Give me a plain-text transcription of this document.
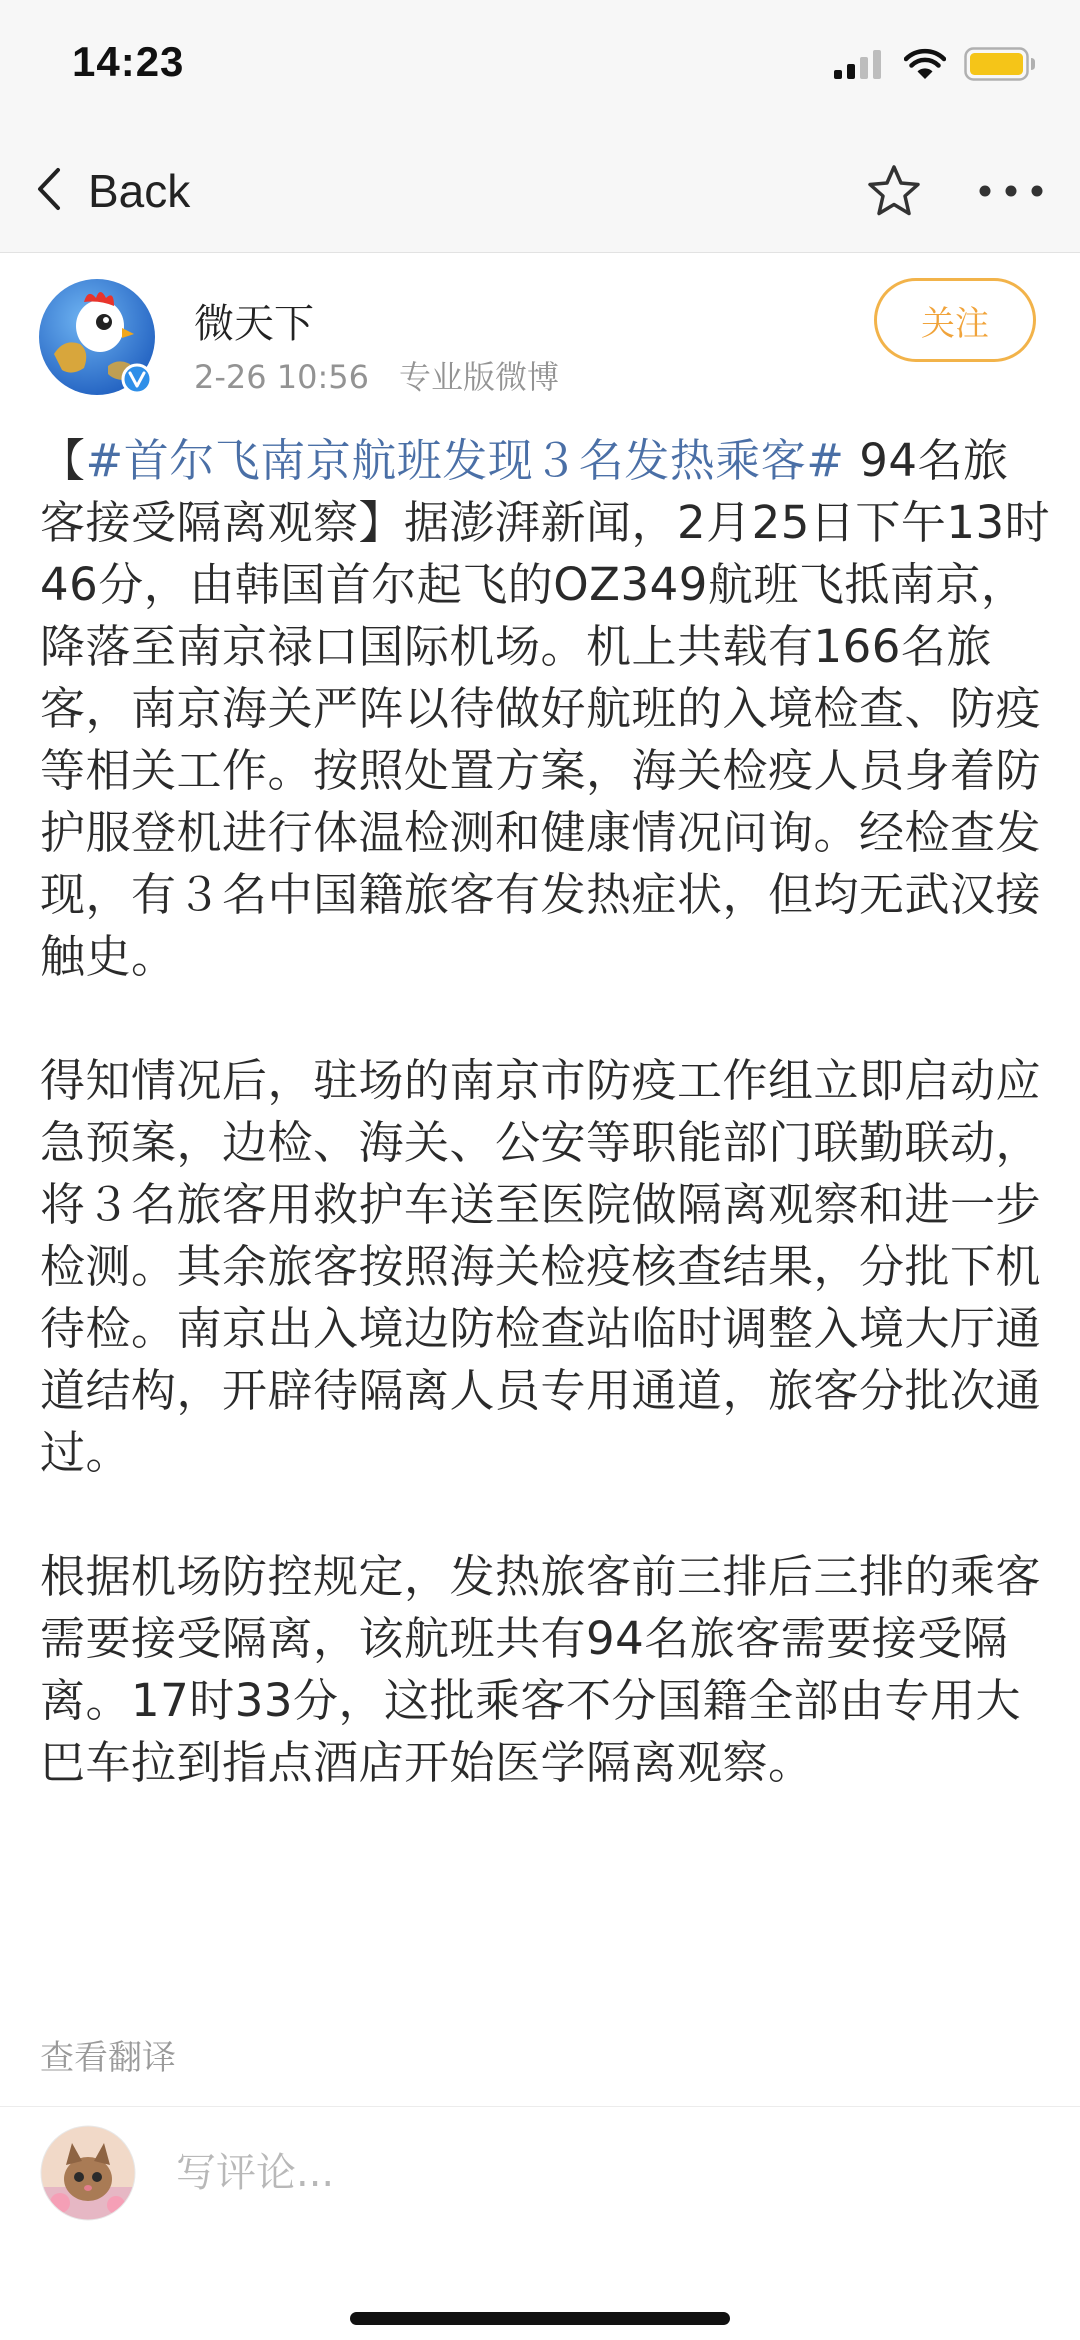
14:23
Back
微天下
2-26 10:56 专业版微博
关注

【#首尔飞南京航班发现３名发热乘客# 94名旅客接受隔离观察】据澎湃新闻，2月25日下午13时46分，由韩国首尔起飞的OZ349航班飞抵南京，降落至南京禄口国际机场。机上共载有166名旅客，南京海关严阵以待做好航班的入境检查、防疫等相关工作。按照处置方案，海关检疫人员身着防护服登机进行体温检测和健康情况问询。经检查发现，有３名中国籍旅客有发热症状，但均无武汉接触史。

得知情况后，驻场的南京市防疫工作组立即启动应急预案，边检、海关、公安等职能部门联勤联动，将３名旅客用救护车送至医院做隔离观察和进一步检测。其余旅客按照海关检疫核查结果，分批下机待检。南京出入境边防检查站临时调整入境大厅通道结构，开辟待隔离人员专用通道，旅客分批次通过。

根据机场防控规定，发热旅客前三排后三排的乘客需要接受隔离，该航班共有94名旅客需要接受隔离。17时33分，这批乘客不分国籍全部由专用大巴车拉到指点酒店开始医学隔离观察。

查看翻译
写评论...
